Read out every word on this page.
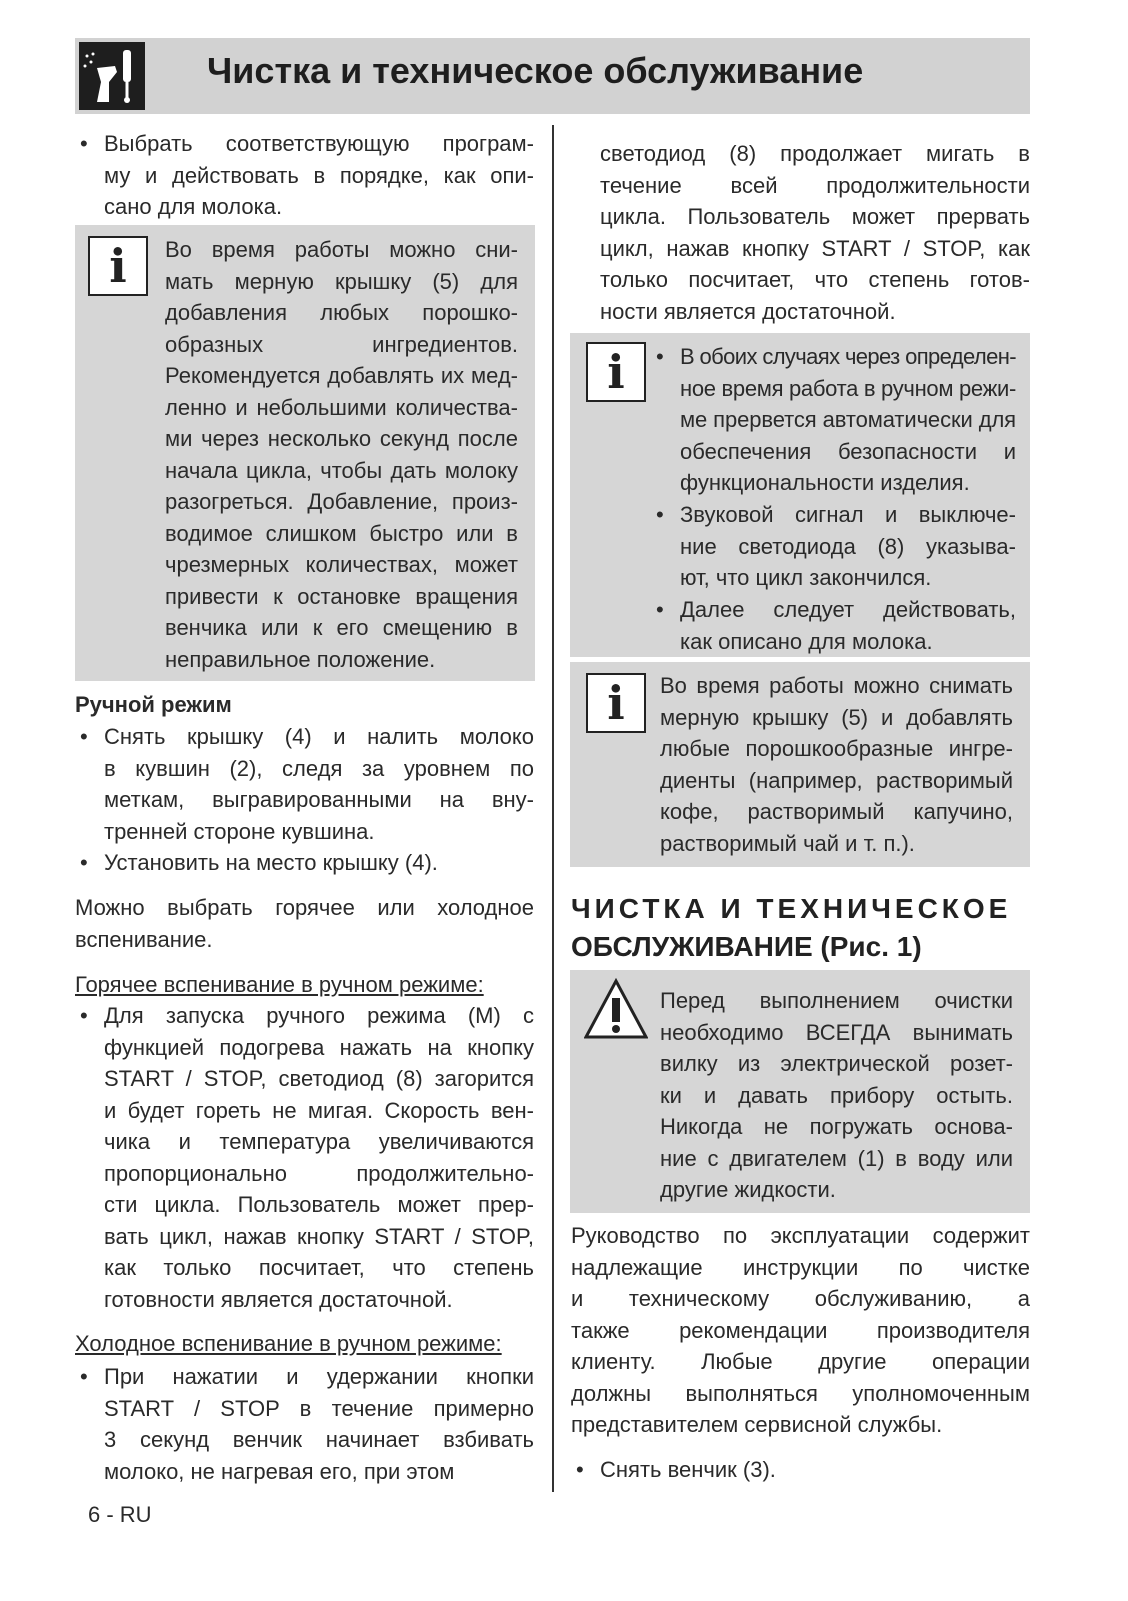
Чистка и техническое обслуживание
• Выбрать соответствующую програм-
му и действовать в порядке, как опи-
сано для молока.
i	Во время работы можно сни-
мать мерную крышку (5) для
добавления любых порошко-
образных ингредиентов.
Рекомендуется добавлять их мед-
ленно и небольшими количества-
ми через несколько секунд после
начала цикла, чтобы дать молоку
разогреться. Добавление, произ-
водимое слишком быстро или в
чрезмерных количествах, может
привести к остановке вращения
венчика или к его смещению в
неправильное положение.
Ручной режим
• Снять крышку (4) и налить молоко
в кувшин (2), следя за уровнем по
меткам, выгравированными на вну-
тренней стороне кувшина.
• Установить на место крышку (4).
Можно выбрать горячее или холодное
вспенивание.
Горячее вспенивание в ручном режиме:
• Для запуска ручного режима (M) с
функцией подогрева нажать на кнопку
START / STOP, светодиод (8) загорится
и будет гореть не мигая. Скорость вен-
чика и температура увеличиваются
пропорционально продолжительно-
сти цикла. Пользователь может прер-
вать цикл, нажав кнопку START / STOP,
как только посчитает, что степень
готовности является достаточной.
Холодное вспенивание в ручном режиме:
• При нажатии и удержании кнопки
START / STOP в течение примерно
3 секунд венчик начинает взбивать
молоко, не нагревая его, при этом
светодиод (8) продолжает мигать в
течение всей продолжительности
цикла. Пользователь может прервать
цикл, нажав кнопку START / STOP, как
только посчитает, что степень готов-
ности является достаточной.
i	• В обоих случаях через определен-
ное время работа в ручном режи-
ме прервется автоматически для
обеспечения безопасности и
функциональности изделия.
• Звуковой сигнал и выключе-
ние светодиода (8) указыва-
ют, что цикл закончился.
• Далее следует действовать,
как описано для молока.
i	Во время работы можно снимать
мерную крышку (5) и добавлять
любые порошкообразные ингре-
диенты (например, растворимый
кофе, растворимый капучино,
растворимый чай и т. п.).
ЧИСТКА И ТЕХНИЧЕСКОЕ
ОБСЛУЖИВАНИЕ (Рис. 1)
Перед выполнением очистки
необходимо ВСЕГДА вынимать
вилку из электрической розет-
ки и давать прибору остыть.
Никогда не погружать основа-
ние с двигателем (1) в воду или
другие жидкости.
Руководство по эксплуатации содержит
надлежащие инструкции по чистке
и техническому обслуживанию, а
также рекомендации производителя
клиенту. Любые другие операции
должны выполняться уполномоченным
представителем сервисной службы.
• Снять венчик (3).
6 - RU
